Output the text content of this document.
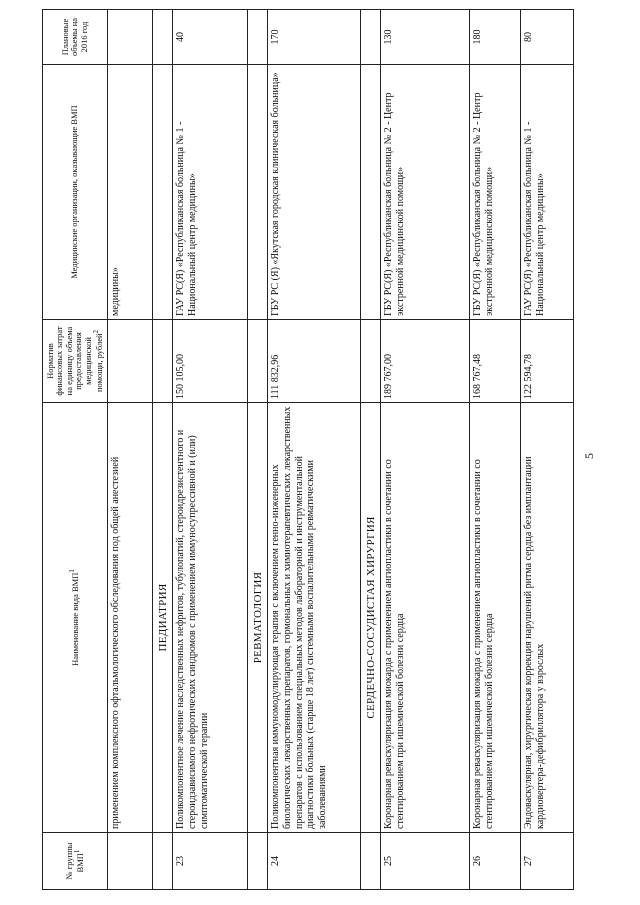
5
№ группы ВМП$^1$	Наименование вида ВМП$^1$	Норматив финансовых затрат на единицу объема предоставления медицинской помощи, рублей$^2$	Медицинские организации, оказывающие ВМП	Плановые объемы на 2016 год
	применением комплексного офтальмологического обследования под общей анестезией		медицины»	
	ПЕДИАТРИЯ			
23	Поликомпонентное лечение наследственных нефритов, тубулопатий, стероидрезистентного и стероидзависимого нефротических синдромов с применением иммуносупрессивной и (или) симптоматической терапии	150 105,00	ГАУ РС(Я) «Республиканская больница № 1 - Национальный центр медицины»	40
	РЕВМАТОЛОГИЯ			
24	Поликомпонентная иммуномодулирующая терапия с включением генно-инженерных биологических лекарственных препаратов, гормональных и химиотерапевтических лекарственных препаратов с использованием специальных методов лабораторной и инструментальной диагностики больных (старше 18 лет) системными воспалительными ревматическими заболеваниями	111 832,96	ГБУ РС (Я) «Якутская городская клиническая больница»	170
	СЕРДЕЧНО-СОСУДИСТАЯ ХИРУРГИЯ			
25	Коронарная реваскуляризация миокарда с применением ангиопластики в сочетании со стентированием при ишемической болезни сердца	189 767,00	ГБУ РС(Я) «Республиканская больница № 2 - Центр экстренной медицинской помощи»	130
26	Коронарная реваскуляризация миокарда с применением ангиопластики в сочетании со стентированием при ишемической болезни сердца	168 767,48	ГБУ РС(Я) «Республиканская больница № 2 - Центр экстренной медицинской помощи»	180
27	Эндоваскулярная, хирургическая коррекция нарушений ритма сердца без имплантации кардиовертера-дефибриллятора у взрослых	122 594,78	ГАУ РС(Я) «Республиканская больница № 1 - Национальный центр медицины»	80
